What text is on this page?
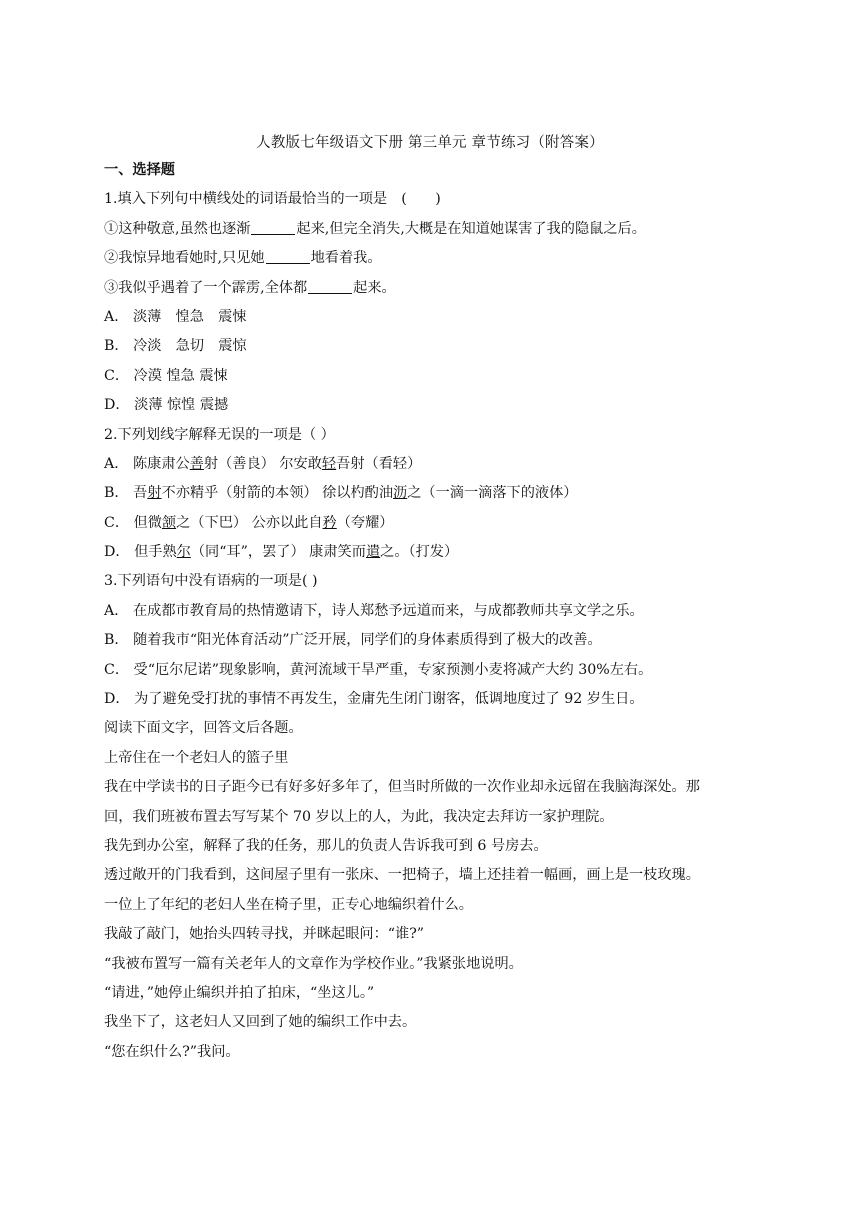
人教版七年级语文下册 第三单元 章节练习（附答案）
一、选择题
1.填入下列句中横线处的词语最恰当的一项是　(　　)
①这种敬意,虽然也逐渐	起来,但完全消失,大概是在知道她谋害了我的隐鼠之后。
②我惊异地看她时,只见她	地看着我。
③我似乎遇着了一个霹雳,全体都	起来。
A． 淡薄　惶急　震悚
B． 冷淡　急切　震惊
C． 冷漠 惶急 震悚
D． 淡薄 惊惶 震撼
2.下列划线字解释无误的一项是（ ）
A． 陈康肃公善射（善良） 尔安敢轻吾射（看轻）
B． 吾射不亦精乎（射箭的本领） 徐以杓酌油沥之（一滴一滴落下的液体）
C． 但微颔之（下巴） 公亦以此自矜（夸耀）
D． 但手熟尔（同“耳”，罢了） 康肃笑而遣之。（打发）
3.下列语句中没有语病的一项是( )
A． 在成都市教育局的热情邀请下，诗人郑愁予远道而来，与成都教师共享文学之乐。
B． 随着我市“阳光体育活动”广泛开展，同学们的身体素质得到了极大的改善。
C． 受“厄尔尼诺”现象影响，黄河流域干旱严重，专家预测小麦将减产大约 30%左右。
D． 为了避免受打扰的事情不再发生，金庸先生闭门谢客，低调地度过了 92 岁生日。
阅读下面文字，回答文后各题。
上帝住在一个老妇人的篮子里
我在中学读书的日子距今已有好多好多年了，但当时所做的一次作业却永远留在我脑海深处。那
回，我们班被布置去写写某个 70 岁以上的人，为此，我决定去拜访一家护理院。
我先到办公室，解释了我的任务，那儿的负责人告诉我可到 6 号房去。
透过敞开的门我看到，这间屋子里有一张床、一把椅子，墙上还挂着一幅画，画上是一枝玫瑰。
一位上了年纪的老妇人坐在椅子里，正专心地编织着什么。
我敲了敲门，她抬头四转寻找，并眯起眼问：“谁?”
“我被布置写一篇有关老年人的文章作为学校作业。”我紧张地说明。
“请进，”她停止编织并拍了拍床，“坐这儿。”
我坐下了，这老妇人又回到了她的编织工作中去。
“您在织什么?”我问。
